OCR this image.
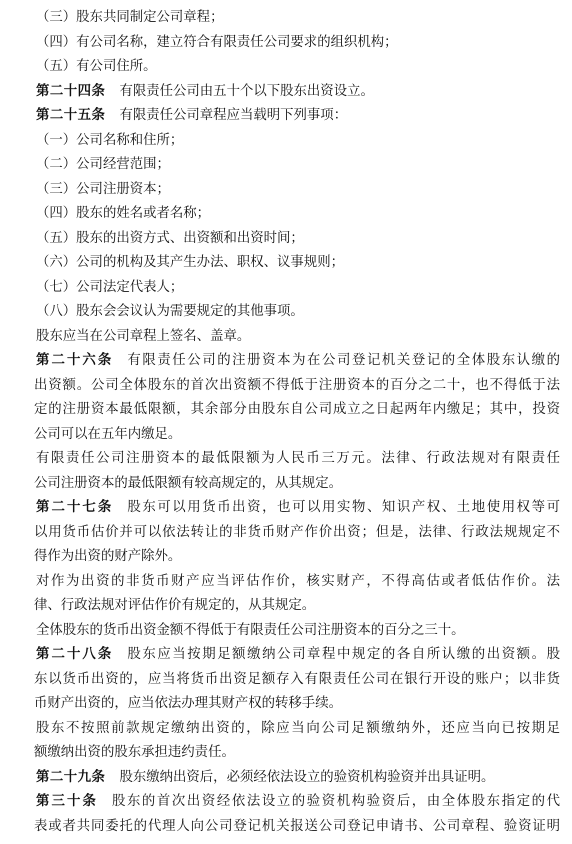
（三）股东共同制定公司章程；
（四）有公司名称，建立符合有限责任公司要求的组织机构；
（五）有公司住所。
第二十四条 有限责任公司由五十个以下股东出资设立。
第二十五条 有限责任公司章程应当载明下列事项：
（一）公司名称和住所；
（二）公司经营范围；
（三）公司注册资本；
（四）股东的姓名或者名称；
（五）股东的出资方式、出资额和出资时间；
（六）公司的机构及其产生办法、职权、议事规则；
（七）公司法定代表人；
（八）股东会会议认为需要规定的其他事项。
股东应当在公司章程上签名、盖章。
第二十六条 有限责任公司的注册资本为在公司登记机关登记的全体股东认缴的
出资额。公司全体股东的首次出资额不得低于注册资本的百分之二十，也不得低于法
定的注册资本最低限额，其余部分由股东自公司成立之日起两年内缴足；其中，投资
公司可以在五年内缴足。
有限责任公司注册资本的最低限额为人民币三万元。法律、行政法规对有限责任
公司注册资本的最低限额有较高规定的，从其规定。
第二十七条 股东可以用货币出资，也可以用实物、知识产权、土地使用权等可
以用货币估价并可以依法转让的非货币财产作价出资；但是，法律、行政法规规定不
得作为出资的财产除外。
对作为出资的非货币财产应当评估作价，核实财产，不得高估或者低估作价。法
律、行政法规对评估作价有规定的，从其规定。
全体股东的货币出资金额不得低于有限责任公司注册资本的百分之三十。
第二十八条 股东应当按期足额缴纳公司章程中规定的各自所认缴的出资额。股
东以货币出资的，应当将货币出资足额存入有限责任公司在银行开设的账户；以非货
币财产出资的，应当依法办理其财产权的转移手续。
股东不按照前款规定缴纳出资的，除应当向公司足额缴纳外，还应当向已按期足
额缴纳出资的股东承担违约责任。
第二十九条 股东缴纳出资后，必须经依法设立的验资机构验资并出具证明。
第三十条 股东的首次出资经依法设立的验资机构验资后，由全体股东指定的代
表或者共同委托的代理人向公司登记机关报送公司登记申请书、公司章程、验资证明
